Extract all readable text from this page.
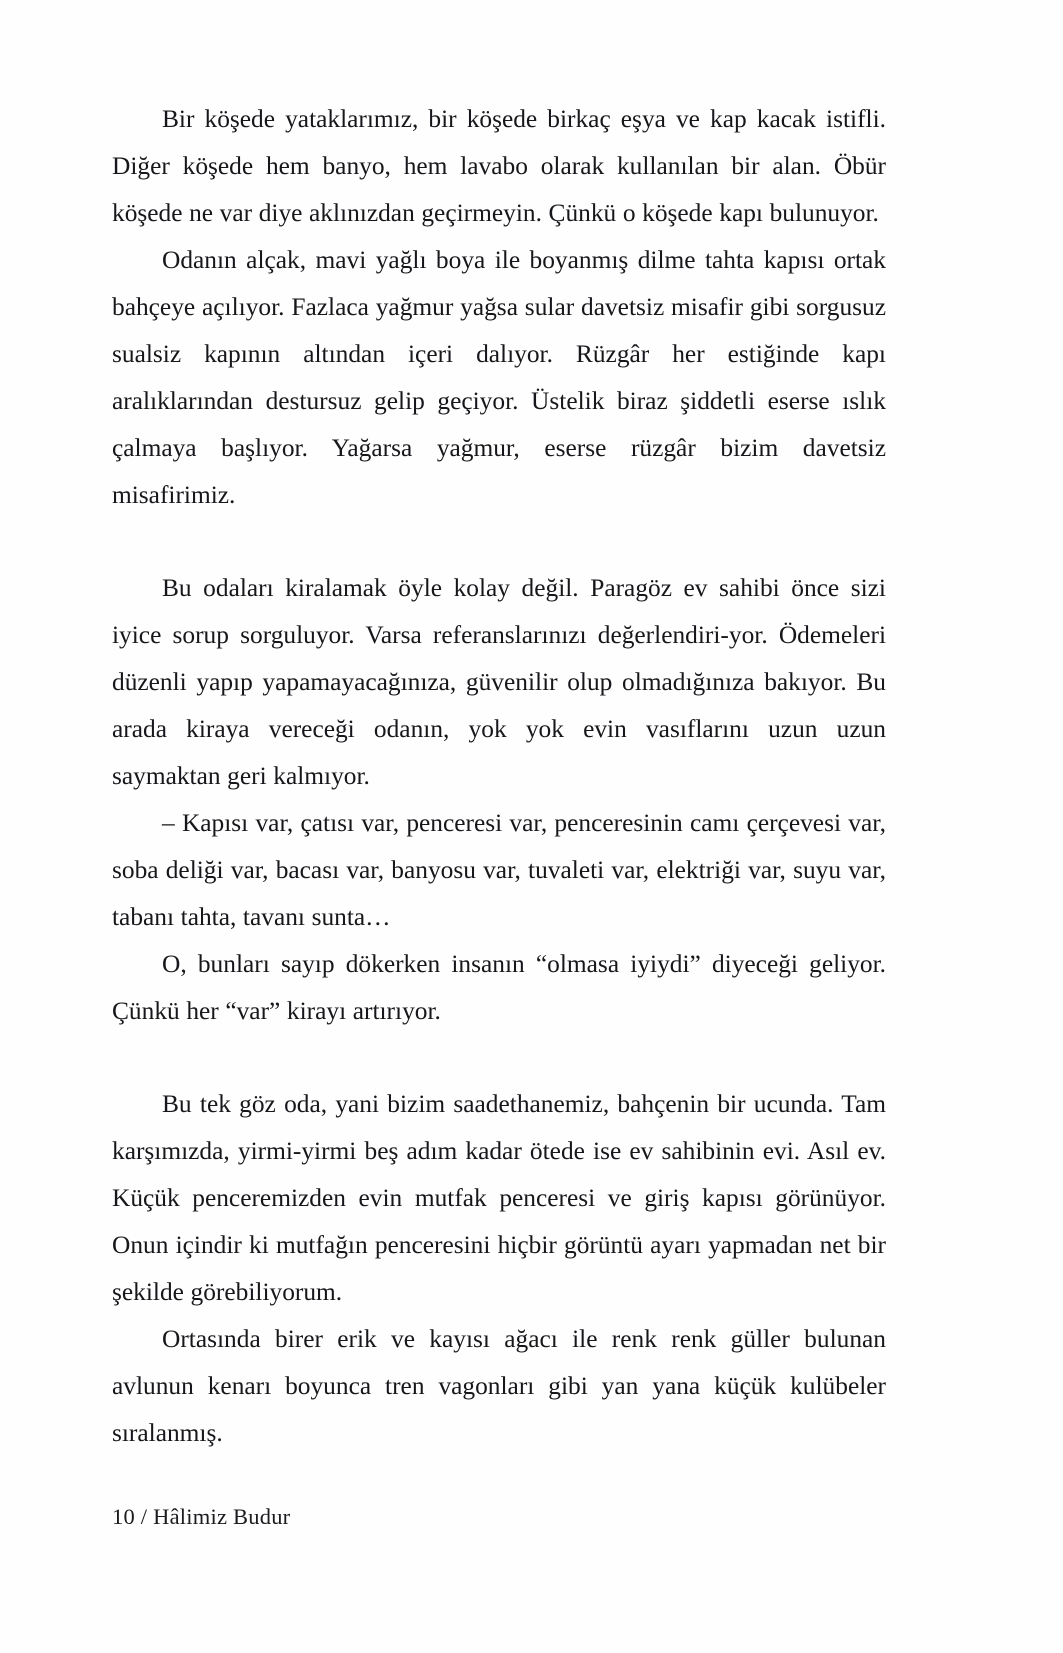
Bir köşede yataklarımız, bir köşede birkaç eşya ve kap kacak istifli. Diğer köşede hem banyo, hem lavabo olarak kullanılan bir alan. Öbür köşede ne var diye aklınızdan geçirmeyin. Çünkü o köşede kapı bulunuyor.

Odanın alçak, mavi yağlı boya ile boyanmış dilme tahta kapısı ortak bahçeye açılıyor. Fazlaca yağmur yağsa sular davetsiz misafir gibi sorgusuz sualsiz kapının altından içeri dalıyor. Rüzgâr her estiğinde kapı aralıklarından destursuz gelip geçiyor. Üstelik biraz şiddetli eserse ıslık çalmaya başlıyor. Yağarsa yağmur, eserse rüzgâr bizim davetsiz misafirimiz.

Bu odaları kiralamak öyle kolay değil. Paragöz ev sahibi önce sizi iyice sorup sorguluyor. Varsa referanslarınızı değerlendiri-yor. Ödemeleri düzenli yapıp yapamayacağınıza, güvenilir olup olmadığınıza bakıyor. Bu arada kiraya vereceği odanın, yok yok evin vasıflarını uzun uzun saymaktan geri kalmıyor.

– Kapısı var, çatısı var, penceresi var, penceresinin camı çerçevesi var, soba deliği var, bacası var, banyosu var, tuvaleti var, elektriği var, suyu var, tabanı tahta, tavanı sunta…

O, bunları sayıp dökerken insanın “olmasa iyiydi” diyeceği geliyor. Çünkü her “var” kirayı artırıyor.

Bu tek göz oda, yani bizim saadethanemiz, bahçenin bir ucunda. Tam karşımızda, yirmi-yirmi beş adım kadar ötede ise ev sahibinin evi. Asıl ev. Küçük penceremizden evin mutfak penceresi ve giriş kapısı görünüyor. Onun içindir ki mutfağın penceresini hiçbir görüntü ayarı yapmadan net bir şekilde görebiliyorum.

Ortasında birer erik ve kayısı ağacı ile renk renk güller bulunan avlunun kenarı boyunca tren vagonları gibi yan yana küçük kulübeler sıralanmış.

10 / Hâlimiz Budur
